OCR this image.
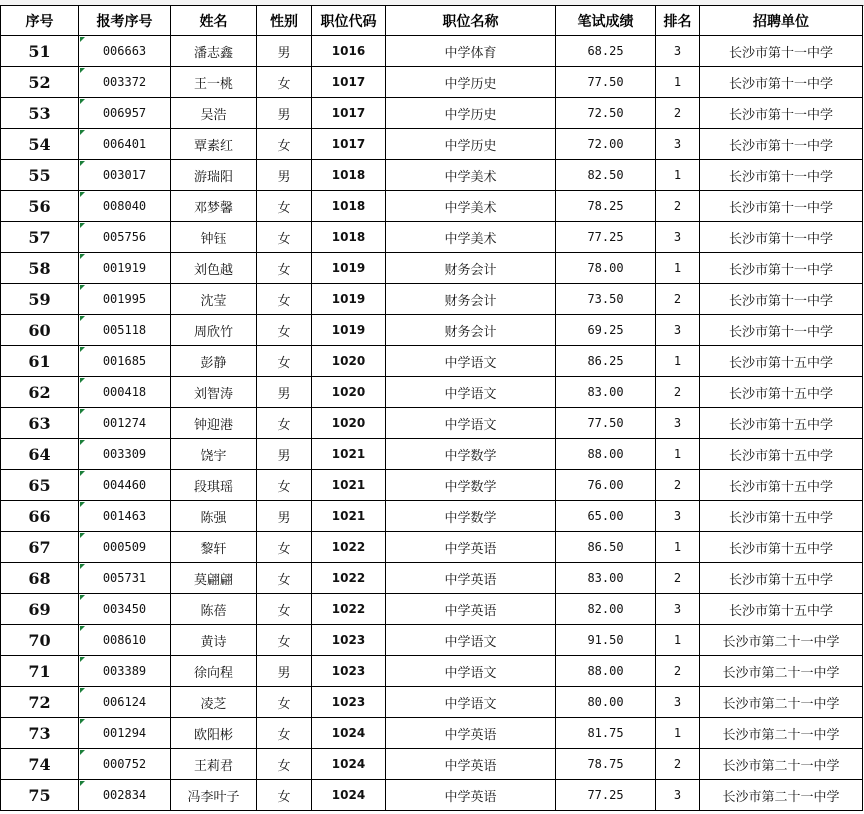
序号	报考序号	姓名	性别	职位代码	职位名称	笔试成绩	排名	招聘单位
51	006663	潘志鑫	男	1016	中学体育	68.25	3	长沙市第十一中学
52	003372	王一桃	女	1017	中学历史	77.50	1	长沙市第十一中学
53	006957	吴浩	男	1017	中学历史	72.50	2	长沙市第十一中学
54	006401	覃素红	女	1017	中学历史	72.00	3	长沙市第十一中学
55	003017	游瑞阳	男	1018	中学美术	82.50	1	长沙市第十一中学
56	008040	邓梦馨	女	1018	中学美术	78.25	2	长沙市第十一中学
57	005756	钟钰	女	1018	中学美术	77.25	3	长沙市第十一中学
58	001919	刘色越	女	1019	财务会计	78.00	1	长沙市第十一中学
59	001995	沈莹	女	1019	财务会计	73.50	2	长沙市第十一中学
60	005118	周欣竹	女	1019	财务会计	69.25	3	长沙市第十一中学
61	001685	彭静	女	1020	中学语文	86.25	1	长沙市第十五中学
62	000418	刘智涛	男	1020	中学语文	83.00	2	长沙市第十五中学
63	001274	钟迎港	女	1020	中学语文	77.50	3	长沙市第十五中学
64	003309	饶宇	男	1021	中学数学	88.00	1	长沙市第十五中学
65	004460	段琪瑶	女	1021	中学数学	76.00	2	长沙市第十五中学
66	001463	陈强	男	1021	中学数学	65.00	3	长沙市第十五中学
67	000509	黎轩	女	1022	中学英语	86.50	1	长沙市第十五中学
68	005731	莫翩翩	女	1022	中学英语	83.00	2	长沙市第十五中学
69	003450	陈蓓	女	1022	中学英语	82.00	3	长沙市第十五中学
70	008610	黄诗	女	1023	中学语文	91.50	1	长沙市第二十一中学
71	003389	徐向程	男	1023	中学语文	88.00	2	长沙市第二十一中学
72	006124	凌芝	女	1023	中学语文	80.00	3	长沙市第二十一中学
73	001294	欧阳彬	女	1024	中学英语	81.75	1	长沙市第二十一中学
74	000752	王莉君	女	1024	中学英语	78.75	2	长沙市第二十一中学
75	002834	冯李叶子	女	1024	中学英语	77.25	3	长沙市第二十一中学
